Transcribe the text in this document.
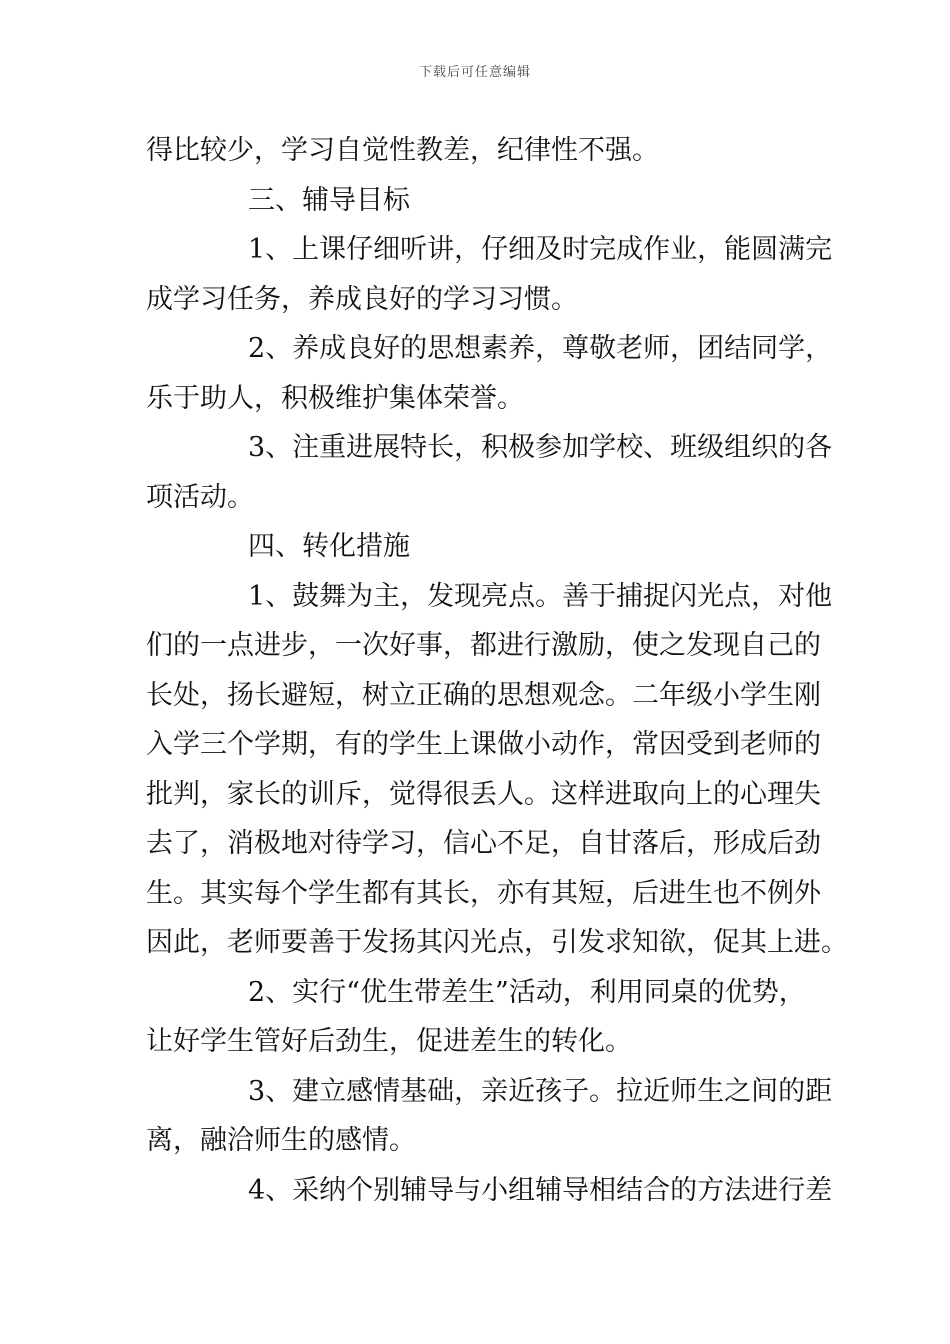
下载后可任意编辑
得比较少，学习自觉性教差，纪律性不强。
三、辅导目标
1、上课仔细听讲，仔细及时完成作业，能圆满完
成学习任务，养成良好的学习习惯。
2、养成良好的思想素养，尊敬老师，团结同学，
乐于助人，积极维护集体荣誉。
3、注重进展特长，积极参加学校、班级组织的各
项活动。
四、转化措施
1、鼓舞为主，发现亮点。善于捕捉闪光点，对他
们的一点进步，一次好事，都进行激励，使之发现自己的
长处，扬长避短，树立正确的思想观念。二年级小学生刚
入学三个学期，有的学生上课做小动作，常因受到老师的
批判，家长的训斥，觉得很丢人。这样进取向上的心理失
去了，消极地对待学习，信心不足，自甘落后，形成后劲
生。其实每个学生都有其长，亦有其短，后进生也不例外
因此，老师要善于发扬其闪光点，引发求知欲，促其上进。
2、实行“优生带差生”活动，利用同桌的优势，
让好学生管好后劲生，促进差生的转化。
3、建立感情基础，亲近孩子。拉近师生之间的距
离，融洽师生的感情。
4、采纳个别辅导与小组辅导相结合的方法进行差
